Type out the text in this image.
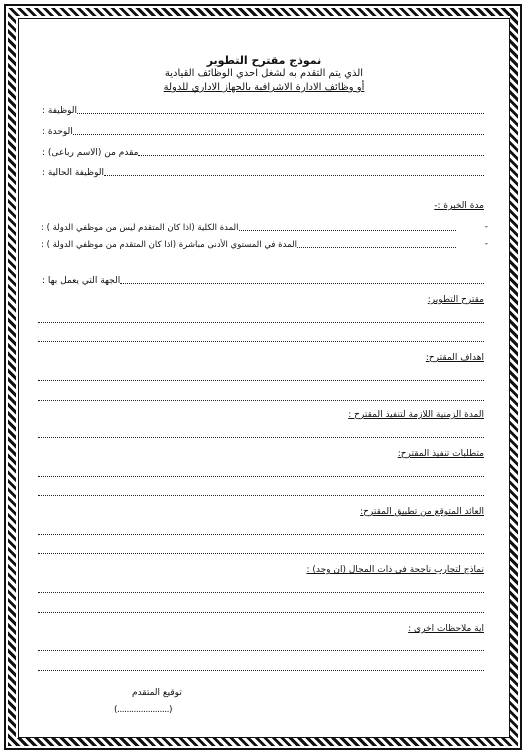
نموذج مقترح التطوير
الذي يتم التقدم به لشغل احدي الوظائف القيادية
أو وظائف الادارة الاشرافية بالجهاز الاداري للدولة
الوظيفة :
الوحدة :
مقدم من (الاسم رباعى) :
الوظيفة الحالية :
مدة الخبرة :-
-
المدة الكلية (اذا كان المتقدم ليس من موظفي الدولة ) :
-
المدة في المستوي الأدنى مباشرة (اذا كان المتقدم من موظفي الدولة ) :
الجهة التي يعمل بها :
مقترح التطوير:
اهداف المقترح:
المدة الزمنية اللازمة لتنفيذ المقترح :
متطلبات تنفيذ المقترح:
العائد المتوقع من تطبيق المقترح:
نماذج لتجارب ناجحة في ذات المجال (ان وجد) :
اية ملاحظات اخرى :
توقيع المتقدم
(......................)
